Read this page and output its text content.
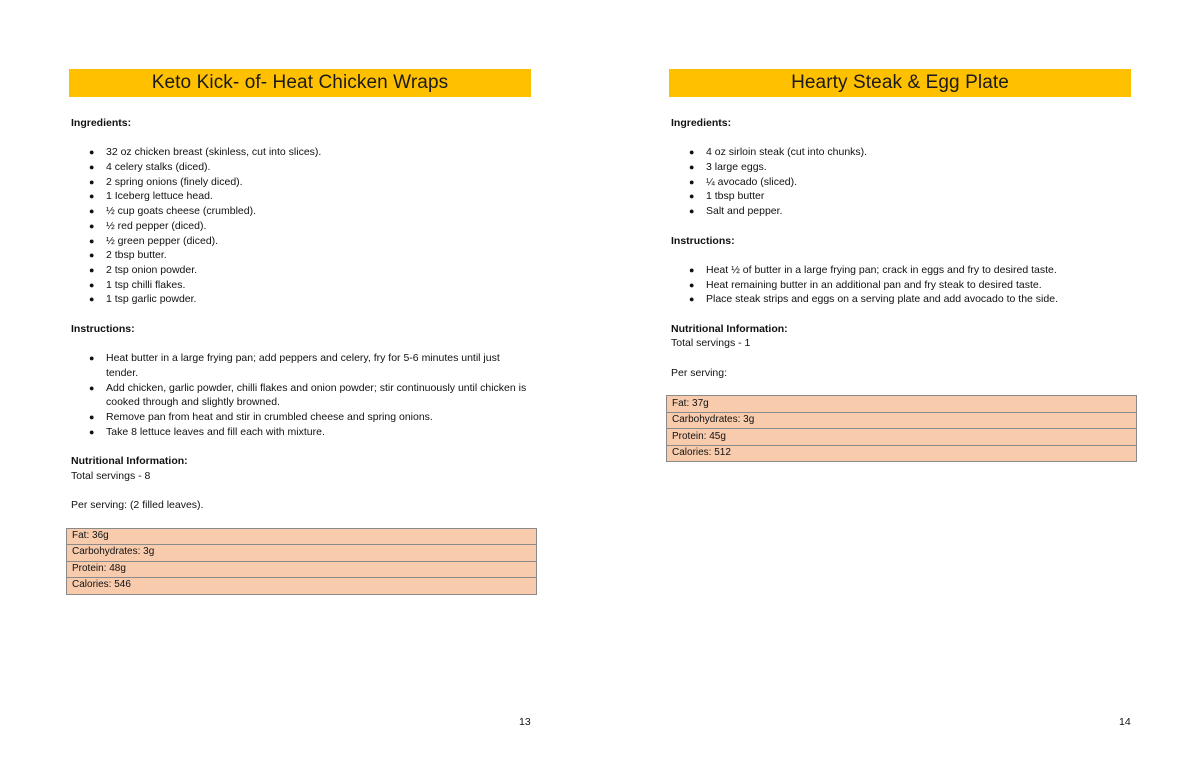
Keto Kick- of- Heat Chicken Wraps
Ingredients:
● 32 oz chicken breast (skinless, cut into slices).
● 4 celery stalks (diced).
● 2 spring onions (finely diced).
● 1 Iceberg lettuce head.
● ½ cup goats cheese (crumbled).
● ½ red pepper (diced).
● ½ green pepper (diced).
● 2 tbsp butter.
● 2 tsp onion powder.
● 1 tsp chilli flakes.
● 1 tsp garlic powder.
Instructions:
● Heat butter in a large frying pan; add peppers and celery, fry for 5-6 minutes until just tender.
● Add chicken, garlic powder, chilli flakes and onion powder; stir continuously until chicken is cooked through and slightly browned.
● Remove pan from heat and stir in crumbled cheese and spring onions.
● Take 8 lettuce leaves and fill each with mixture.
Nutritional Information:
Total servings - 8
Per serving: (2 filled leaves).
Fat: 36g
Carbohydrates: 3g
Protein: 48g
Calories: 546
13
Hearty Steak & Egg Plate
Ingredients:
● 4 oz sirloin steak (cut into chunks).
● 3 large eggs.
● ¼ avocado (sliced).
● 1 tbsp butter
● Salt and pepper.
Instructions:
● Heat ½ of butter in a large frying pan; crack in eggs and fry to desired taste.
● Heat remaining butter in an additional pan and fry steak to desired taste.
● Place steak strips and eggs on a serving plate and add avocado to the side.
Nutritional Information:
Total servings - 1
Per serving:
Fat: 37g
Carbohydrates: 3g
Protein: 45g
Calories: 512
14
